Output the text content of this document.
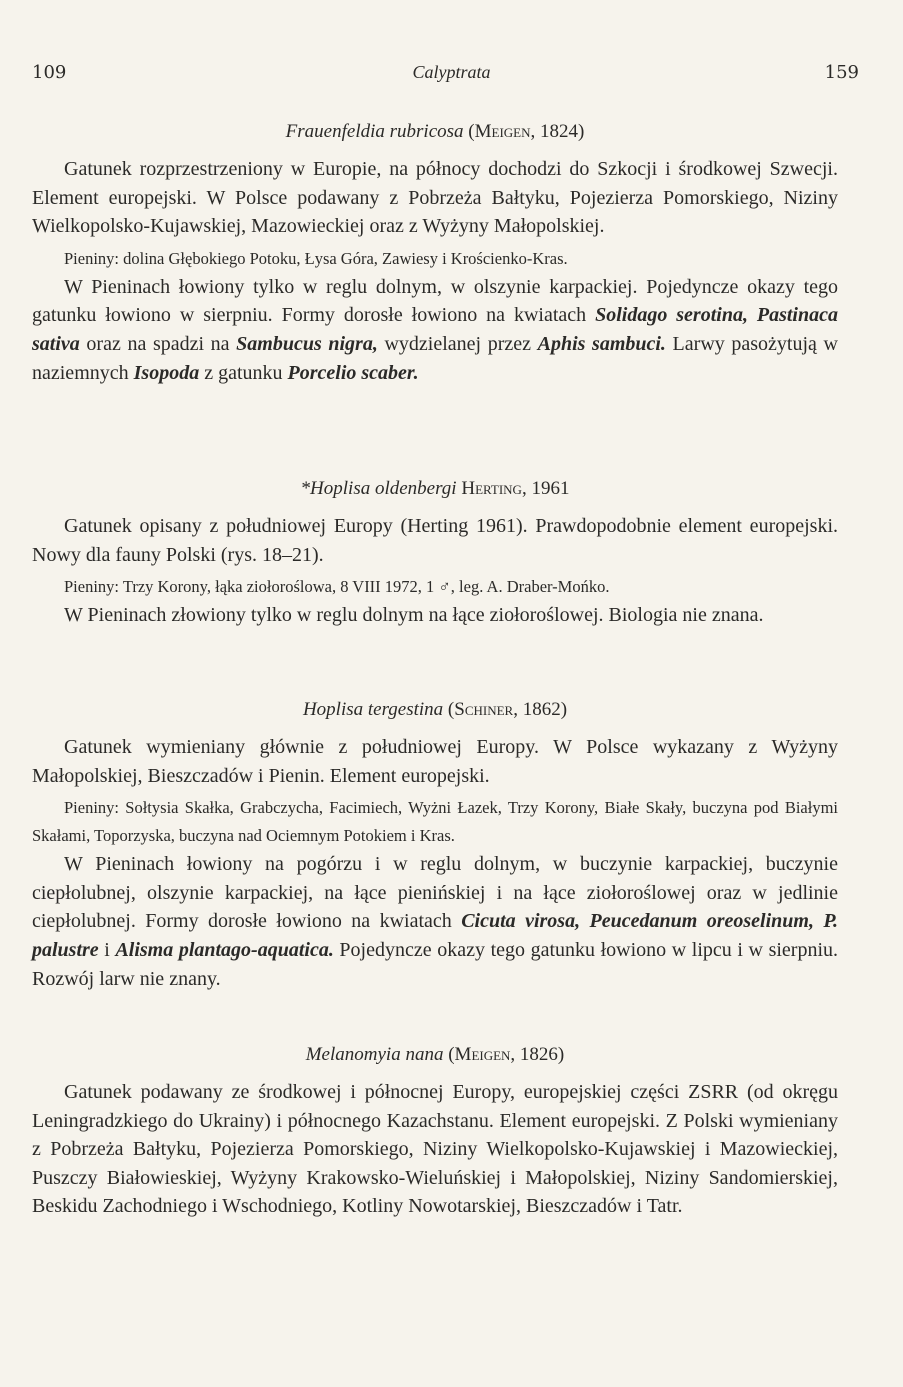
109	Calyptrata	159
Frauenfeldia rubricosa (Meigen, 1824)

Gatunek rozprzestrzeniony w Europie, na północy dochodzi do Szkocji i środkowej Szwecji. Element europejski. W Polsce podawany z Pobrzeża Bałtyku, Pojezierza Pomorskiego, Niziny Wielkopolsko-Kujawskiej, Mazowieckiej oraz z Wyżyny Małopolskiej.

Pieniny: dolina Głębokiego Potoku, Łysa Góra, Zawiesy i Krościenko-Kras.

W Pieninach łowiony tylko w reglu dolnym, w olszynie karpackiej. Pojedyncze okazy tego gatunku łowiono w sierpniu. Formy dorosłe łowiono na kwiatach Solidago serotina, Pastinaca sativa oraz na spadzi na Sambucus nigra, wydzielanej przez Aphis sambuci. Larwy pasożytują w naziemnych Isopoda z gatunku Porcelio scaber.

*Hoplisa oldenbergi Herting, 1961

Gatunek opisany z południowej Europy (Herting 1961). Prawdopodobnie element europejski. Nowy dla fauny Polski (rys. 18–21).

Pieniny: Trzy Korony, łąka ziołoroślowa, 8 VIII 1972, 1 ♂, leg. A. Draber-Mońko.

W Pieninach złowiony tylko w reglu dolnym na łące ziołoroślowej. Biologia nie znana.

Hoplisa tergestina (Schiner, 1862)

Gatunek wymieniany głównie z południowej Europy. W Polsce wykazany z Wyżyny Małopolskiej, Bieszczadów i Pienin. Element europejski.

Pieniny: Sołtysia Skałka, Grabczycha, Facimiech, Wyżni Łazek, Trzy Korony, Białe Skały, buczyna pod Białymi Skałami, Toporzyska, buczyna nad Ociemnym Potokiem i Kras.

W Pieninach łowiony na pogórzu i w reglu dolnym, w buczynie karpackiej, buczynie ciepłolubnej, olszynie karpackiej, na łące pienińskiej i na łące ziołoroślowej oraz w jedlinie ciepłolubnej. Formy dorosłe łowiono na kwiatach Cicuta virosa, Peucedanum oreoselinum, P. palustre i Alisma plantago-aquatica. Pojedyncze okazy tego gatunku łowiono w lipcu i w sierpniu. Rozwój larw nie znany.

Melanomyia nana (Meigen, 1826)

Gatunek podawany ze środkowej i północnej Europy, europejskiej części ZSRR (od okręgu Leningradzkiego do Ukrainy) i północnego Kazachstanu. Element europejski. Z Polski wymieniany z Pobrzeża Bałtyku, Pojezierza Pomorskiego, Niziny Wielkopolsko-Kujawskiej i Mazowieckiej, Puszczy Białowieskiej, Wyżyny Krakowsko-Wieluńskiej i Małopolskiej, Niziny Sandomierskiej, Beskidu Zachodniego i Wschodniego, Kotliny Nowotarskiej, Bieszczadów i Tatr.
